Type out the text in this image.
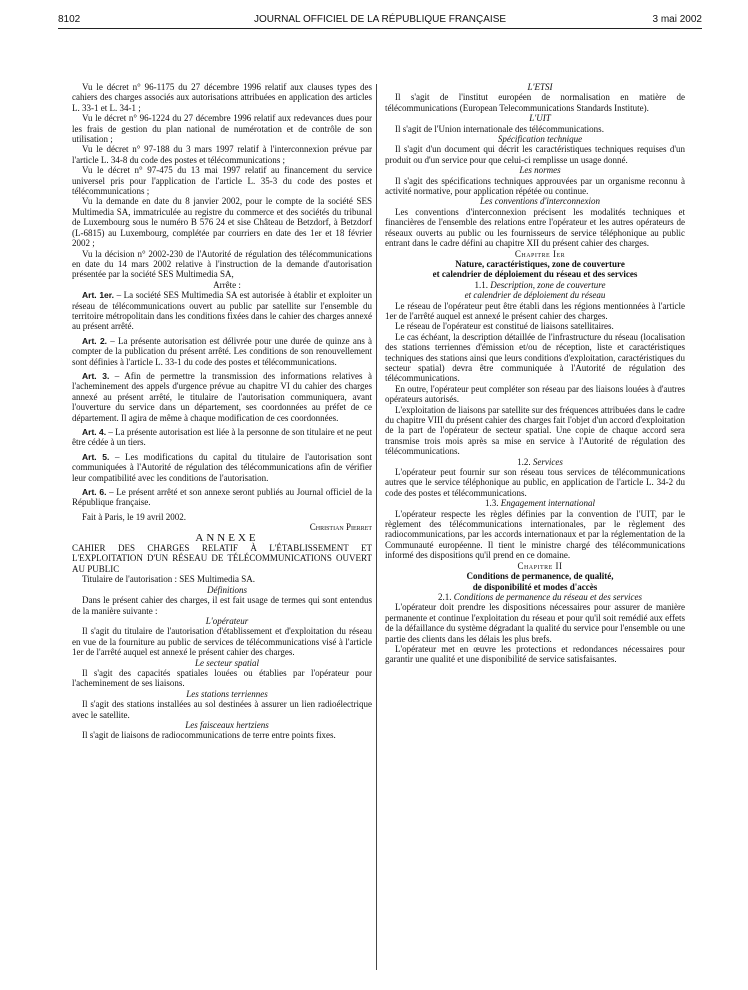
8102	JOURNAL OFFICIEL DE LA RÉPUBLIQUE FRANÇAISE	3 mai 2002

Vu le décret n° 96-1175 du 27 décembre 1996 relatif aux clauses types des cahiers des charges associés aux autorisations attribuées en application des articles L. 33-1 et L. 34-1 ;

Vu le décret n° 96-1224 du 27 décembre 1996 relatif aux redevances dues pour les frais de gestion du plan national de numérotation et de contrôle de son utilisation ;

Vu le décret n° 97-188 du 3 mars 1997 relatif à l'interconnexion prévue par l'article L. 34-8 du code des postes et télécommunications ;

Vu le décret n° 97-475 du 13 mai 1997 relatif au financement du service universel pris pour l'application de l'article L. 35-3 du code des postes et télécommunications ;

Vu la demande en date du 8 janvier 2002, pour le compte de la société SES Multimedia SA, immatriculée au registre du commerce et des sociétés du tribunal de Luxembourg sous le numéro B 576 24 et sise Château de Betzdorf, à Betzdorf (L-6815) au Luxembourg, complétée par courriers en date des 1er et 18 février 2002 ;

Vu la décision n° 2002-230 de l'Autorité de régulation des télécommunications en date du 14 mars 2002 relative à l'instruction de la demande d'autorisation présentée par la société SES Multimedia SA,

Arrête :

Art. 1er. – La société SES Multimedia SA est autorisée à établir et exploiter un réseau de télécommunications ouvert au public par satellite sur l'ensemble du territoire métropolitain dans les conditions fixées dans le cahier des charges annexé au présent arrêté.

Art. 2. – La présente autorisation est délivrée pour une durée de quinze ans à compter de la publication du présent arrêté. Les conditions de son renouvellement sont définies à l'article L. 33-1 du code des postes et télécommunications.

Art. 3. – Afin de permettre la transmission des informations relatives à l'acheminement des appels d'urgence prévue au chapitre VI du cahier des charges annexé au présent arrêté, le titulaire de l'autorisation communiquera, avant l'ouverture du service dans un département, ses coordonnées au préfet de ce département. Il agira de même à chaque modification de ces coordonnées.

Art. 4. – La présente autorisation est liée à la personne de son titulaire et ne peut être cédée à un tiers.

Art. 5. – Les modifications du capital du titulaire de l'autorisation sont communiquées à l'Autorité de régulation des télécommunications afin de vérifier leur compatibilité avec les conditions de l'autorisation.

Art. 6. – Le présent arrêté et son annexe seront publiés au Journal officiel de la République française.

Fait à Paris, le 19 avril 2002.

Christian Pierret

ANNEXE

CAHIER DES CHARGES RELATIF À L'ÉTABLISSEMENT ET L'EXPLOITATION D'UN RÉSEAU DE TÉLÉCOMMUNICATIONS OUVERT AU PUBLIC

Titulaire de l'autorisation : SES Multimedia SA.

Définitions

Dans le présent cahier des charges, il est fait usage de termes qui sont entendus de la manière suivante :

L'opérateur

Il s'agit du titulaire de l'autorisation d'établissement et d'exploitation du réseau en vue de la fourniture au public de services de télécommunications visé à l'article 1er de l'arrêté auquel est annexé le présent cahier des charges.

Le secteur spatial

Il s'agit des capacités spatiales louées ou établies par l'opérateur pour l'acheminement de ses liaisons.

Les stations terriennes

Il s'agit des stations installées au sol destinées à assurer un lien radioélectrique avec le satellite.

Les faisceaux hertziens

Il s'agit de liaisons de radiocommunications de terre entre points fixes.

L'ETSI

Il s'agit de l'institut européen de normalisation en matière de télécommunications (European Telecommunications Standards Institute).

L'UIT

Il s'agit de l'Union internationale des télécommunications.

Spécification technique

Il s'agit d'un document qui décrit les caractéristiques techniques requises d'un produit ou d'un service pour que celui-ci remplisse un usage donné.

Les normes

Il s'agit des spécifications techniques approuvées par un organisme reconnu à activité normative, pour application répétée ou continue.

Les conventions d'interconnexion

Les conventions d'interconnexion précisent les modalités techniques et financières de l'ensemble des relations entre l'opérateur et les autres opérateurs de réseaux ouverts au public ou les fournisseurs de service téléphonique au public entrant dans le cadre défini au chapitre XII du présent cahier des charges.

Chapitre Ier

Nature, caractéristiques, zone de couverture
et calendrier de déploiement du réseau et des services

1.1. Description, zone de couverture
et calendrier de déploiement du réseau

Le réseau de l'opérateur peut être établi dans les régions mentionnées à l'article 1er de l'arrêté auquel est annexé le présent cahier des charges.

Le réseau de l'opérateur est constitué de liaisons satellitaires.

Le cas échéant, la description détaillée de l'infrastructure du réseau (localisation des stations terriennes d'émission et/ou de réception, liste et caractéristiques techniques des stations ainsi que leurs conditions d'exploitation, caractéristiques du secteur spatial) devra être communiquée à l'Autorité de régulation des télécommunications.

En outre, l'opérateur peut compléter son réseau par des liaisons louées à d'autres opérateurs autorisés.

L'exploitation de liaisons par satellite sur des fréquences attribuées dans le cadre du chapitre VIII du présent cahier des charges fait l'objet d'un accord d'exploitation de la part de l'opérateur de secteur spatial. Une copie de chaque accord sera transmise trois mois après sa mise en service à l'Autorité de régulation des télécommunications.

1.2. Services

L'opérateur peut fournir sur son réseau tous services de télécommunications autres que le service téléphonique au public, en application de l'article L. 34-2 du code des postes et télécommunications.

1.3. Engagement international

L'opérateur respecte les règles définies par la convention de l'UIT, par le règlement des télécommunications internationales, par le règlement des radiocommunications, par les accords internationaux et par la réglementation de la Communauté européenne. Il tient le ministre chargé des télécommunications informé des dispositions qu'il prend en ce domaine.

Chapitre II

Conditions de permanence, de qualité,
de disponibilité et modes d'accès

2.1. Conditions de permanence du réseau et des services

L'opérateur doit prendre les dispositions nécessaires pour assurer de manière permanente et continue l'exploitation du réseau et pour qu'il soit remédié aux effets de la défaillance du système dégradant la qualité du service pour l'ensemble ou une partie des clients dans les délais les plus brefs.

L'opérateur met en œuvre les protections et redondances nécessaires pour garantir une qualité et une disponibilité de service satisfaisantes.
